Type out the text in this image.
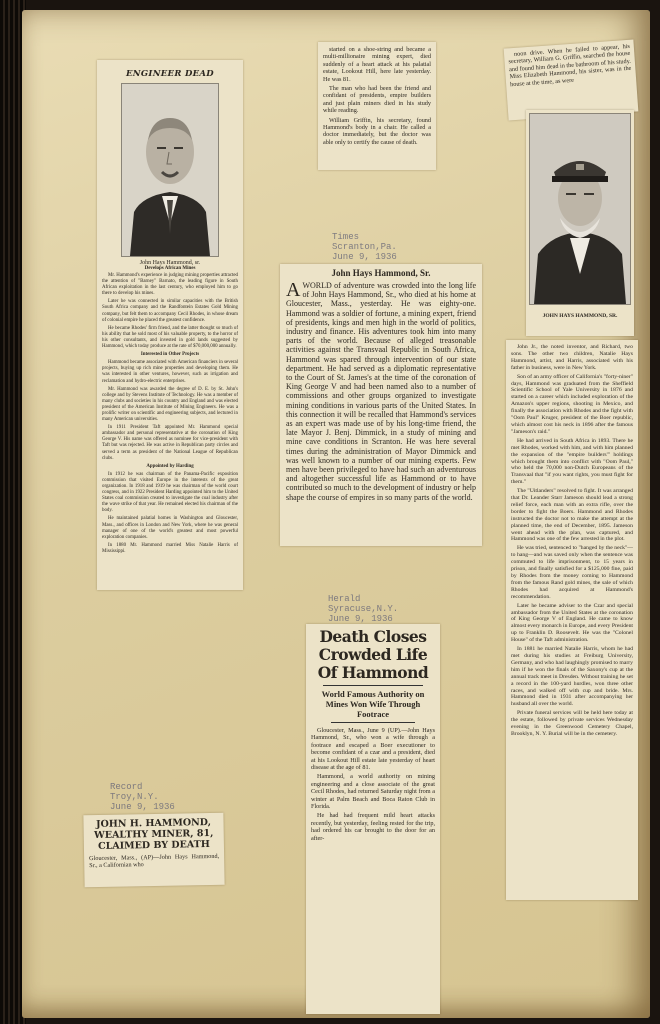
ENGINEER DEAD
John Hays Hammond, sr.
Develops African Mines

Mr. Hammond's experience in judging mining properties attracted the attention of "Barney" Barnato, the leading figure in South African exploitation in the last century, who employed him to go there to develop his mines.

Later he was connected in similar capacities with the British South Africa company and the Randfontein Estates Gold Mining company, but felt them to accompany Cecil Rhodes, in whose dream of colonial empire he placed the greatest confidence.

He became Rhodes' firm friend, and the latter thought so much of his ability that he sold most of his valuable property, to the horror of his other consultants, and invested in gold lands suggested by Hammond, which today produce at the rate of $70,000,000 annually.

Interested in Other Projects

Hammond became associated with American financiers in several projects, buying up rich mine properties and developing them. He was interested in other ventures, however, such as irrigation and reclamation and hydro-electric enterprises.

Mr. Hammond was awarded the degree of D. E. by St. John's college and by Stevens Institute of Technology. He was a member of many clubs and societies in his country and England and was elected president of the American Institute of Mining Engineers. He was a prolific writer on scientific and engineering subjects, and lectured in many American universities.

In 1911 President Taft appointed Mr. Hammond special ambassador and personal representative at the coronation of King George V. His name was offered as nominee for vice-president with Taft but was rejected. He was active in Republican party circles and served a term as president of the National League of Republican clubs.

Appointed by Harding

In 1912 he was chairman of the Panama-Pacific exposition commission that visited Europe in the interests of the great organization. In 1918 and 1919 he was chairman of the world court congress, and in 1922 President Harding appointed him to the United States coal commission created to investigate the coal industry after the wave strike of that year. He remained elected his chairman of the body.

He maintained palatial homes in Washington and Gloucester, Mass., and offices in London and New York, where he was general manager of one of the world's greatest and most powerful exploration companies.

In 1880 Mr. Hammond married Miss Natalie Harris of Mississippi.

started on a shoe-string and became a multi-millionaire mining expert, died suddenly of a heart attack at his palatial estate, Lookout Hill, here late yesterday. He was 81.

The man who had been the friend and confidant of presidents, empire builders and just plain miners died in his study while reading.

William Griffin, his secretary, found Hammond's body in a chair. He called a doctor immediately, but the doctor was able only to certify the cause of death.

Times
Scranton,Pa.
June 9, 1936
John Hays Hammond, Sr.
A WORLD of adventure was crowded into the long life of John Hays Hammond, Sr., who died at his home at Gloucester, Mass., yesterday. He was eighty-one. Hammond was a soldier of fortune, a mining expert, friend of presidents, kings and men high in the world of politics, industry and finance. His adventures took him into many parts of the world. Because of alleged treasonable activities against the Transvaal Republic in South Africa, Hammond was spared through intervention of our state department. He had served as a diplomatic representative to the Court of St. James's at the time of the coronation of King George V and had been named also to a number of commissions and other groups organized to investigate mining conditions in various parts of the United States. In this connection it will be recalled that Hammond's services as an expert was made use of by his long-time friend, the late Mayor J. Benj. Dimmick, in a study of mining and mine cave conditions in Scranton. He was here several times during the administration of Mayor Dimmick and was well known to a number of our mining experts. Few men have been privileged to have had such an adventurous and altogether successful life as Hammond or to have contributed so much to the development of industry or help shape the course of empires in so many parts of the world.
Herald
Syracuse,N.Y.
June 9, 1936
Death Closes
Crowded Life
Of Hammond
World Famous Authority on Mines Won Wife Through Footrace

Gloucester, Mass., June 9 (UP).—John Hays Hammond, Sr., who won a wife through a footrace and escaped a Boer executioner to become confidant of a czar and a president, died at his Lookout Hill estate late yesterday of heart disease at the age of 81.

Hammond, a world authority on mining engineering and a close associate of the great Cecil Rhodes, had returned Saturday night from a winter at Palm Beach and Boca Raton Club in Florida.

He had had frequent mild heart attacks recently, but yesterday, feeling rested for the trip, had ordered his car brought to the door for an after-

Record
Troy,N.Y.
June 9, 1936
JOHN H. HAMMOND,
WEALTHY MINER, 81,
CLAIMED BY DEATH
Gloucester, Mass., (AP)—John Hays Hammond, Sr., a Californian who

noon drive. When he failed to appear, his secretary, William G. Griffin, searched the house and found him dead in the bathroom of his study. Miss Elizabeth Hammond, his sister, was in the house at the time, as were

JOHN HAYS HAMMOND, SR.

John Jr., the noted inventor, and Richard, two sons. The other two children, Natalie Hays Hammond, artist, and Harris, associated with his father in business, were in New York.

Son of an army officer of California's "forty-niner" days, Hammond was graduated from the Sheffield Scientific School of Yale University in 1876 and started on a career which included exploration of the Amazon's upper regions, shooting in Mexico, and finally the association with Rhodes and the fight with "Oom Paul" Kruger, president of the Boer republic, which almost cost his neck in 1896 after the famous "Jameson's raid."

He had arrived in South Africa in 1893. There he met Rhodes, worked with him, and with him planned the expansion of the "empire builders'" holdings which brought them into conflict with "Oom Paul," who held the 70,000 non-Dutch Europeans of the Transvaal that "if you want rights, you must fight for them."

The "Uitlanders" resolved to fight. It was arranged that Dr. Leander Starr Jameson should lead a strong relief force, each man with an extra rifle, over the border to fight the Boers. Hammond and Rhodes instructed the doctor not to make the attempt at the planned time, the end of December, 1895. Jameson went ahead with the plan, was captured, and Hammond was one of the few arrested in the plot.

He was tried, sentenced to "hanged by the neck"—to hang—and was saved only when the sentence was commuted to life imprisonment, to 15 years in prison, and finally satisfied for a $125,000 fine, paid by Rhodes from the money coming to Hammond from the famous Rand gold mines, the sale of which Rhodes had acquired at Hammond's recommendation.

Later he became adviser to the Czar and special ambassador from the United States at the coronation of King George V of England. He came to know almost every monarch in Europe, and every President up to Franklin D. Roosevelt. He was the "Colonel House" of the Taft administration.

In 1881 he married Natalie Harris, whom he had met during his studies at Freiburg University, Germany, and who had laughingly promised to marry him if he won the finals of the Saxony's cup at the annual track meet in Dresden. Without training he set a record in the 100-yard hurdles, won three other races, and walked off with cup and bride. Mrs. Hammond died in 1931 after accompanying her husband all over the world.

Private funeral services will be held here today at the estate, followed by private services Wednesday evening in the Greenwood Cemetery Chapel, Brooklyn, N. Y. Burial will be in the cemetery.
